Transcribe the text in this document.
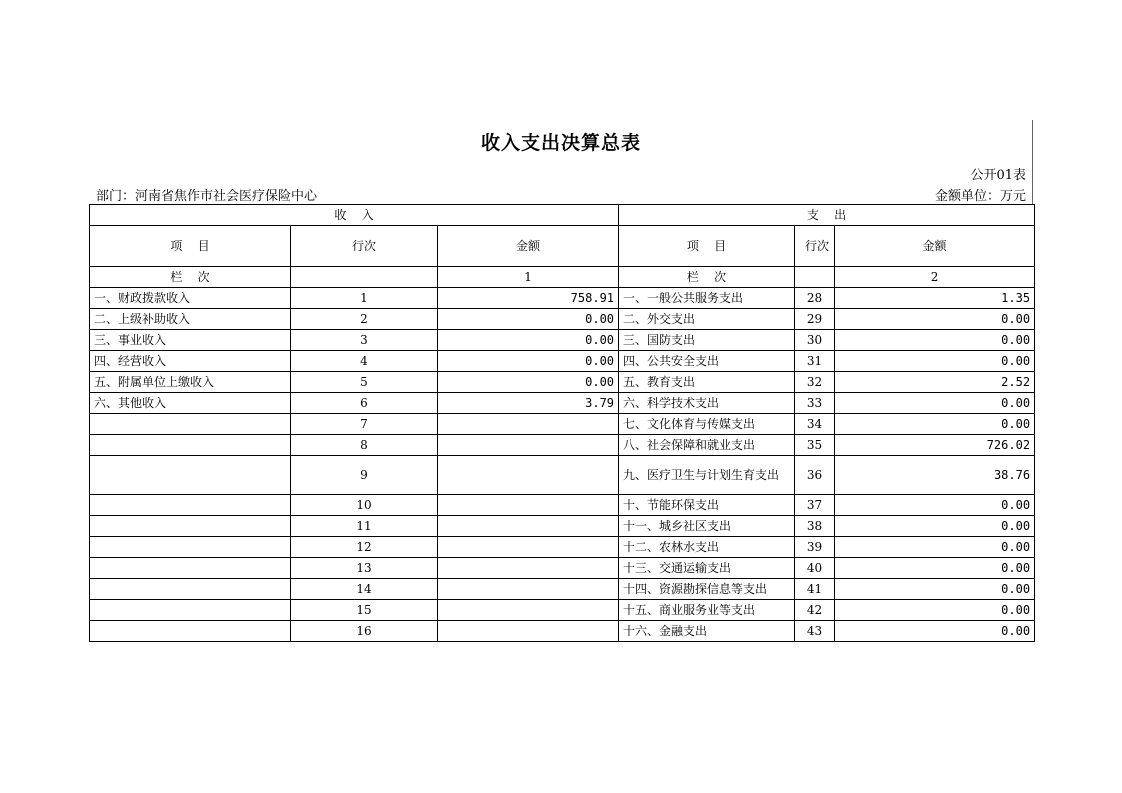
收入支出决算总表
公开01表
部门：河南省焦作市社会医疗保险中心	金额单位：万元
收    入			支    出		
项    目	行次	金额	项    目	行次	金额
栏    次		1	栏    次		2
一、财政拨款收入	1	758.91	一、一般公共服务支出	28	1.35
二、上级补助收入	2	0.00	二、外交支出	29	0.00
三、事业收入	3	0.00	三、国防支出	30	0.00
四、经营收入	4	0.00	四、公共安全支出	31	0.00
五、附属单位上缴收入	5	0.00	五、教育支出	32	2.52
六、其他收入	6	3.79	六、科学技术支出	33	0.00
	7		七、文化体育与传媒支出	34	0.00
	8		八、社会保障和就业支出	35	726.02
	9		九、医疗卫生与计划生育支出	36	38.76
	10		十、节能环保支出	37	0.00
	11		十一、城乡社区支出	38	0.00
	12		十二、农林水支出	39	0.00
	13		十三、交通运输支出	40	0.00
	14		十四、资源勘探信息等支出	41	0.00
	15		十五、商业服务业等支出	42	0.00
	16		十六、金融支出	43	0.00
